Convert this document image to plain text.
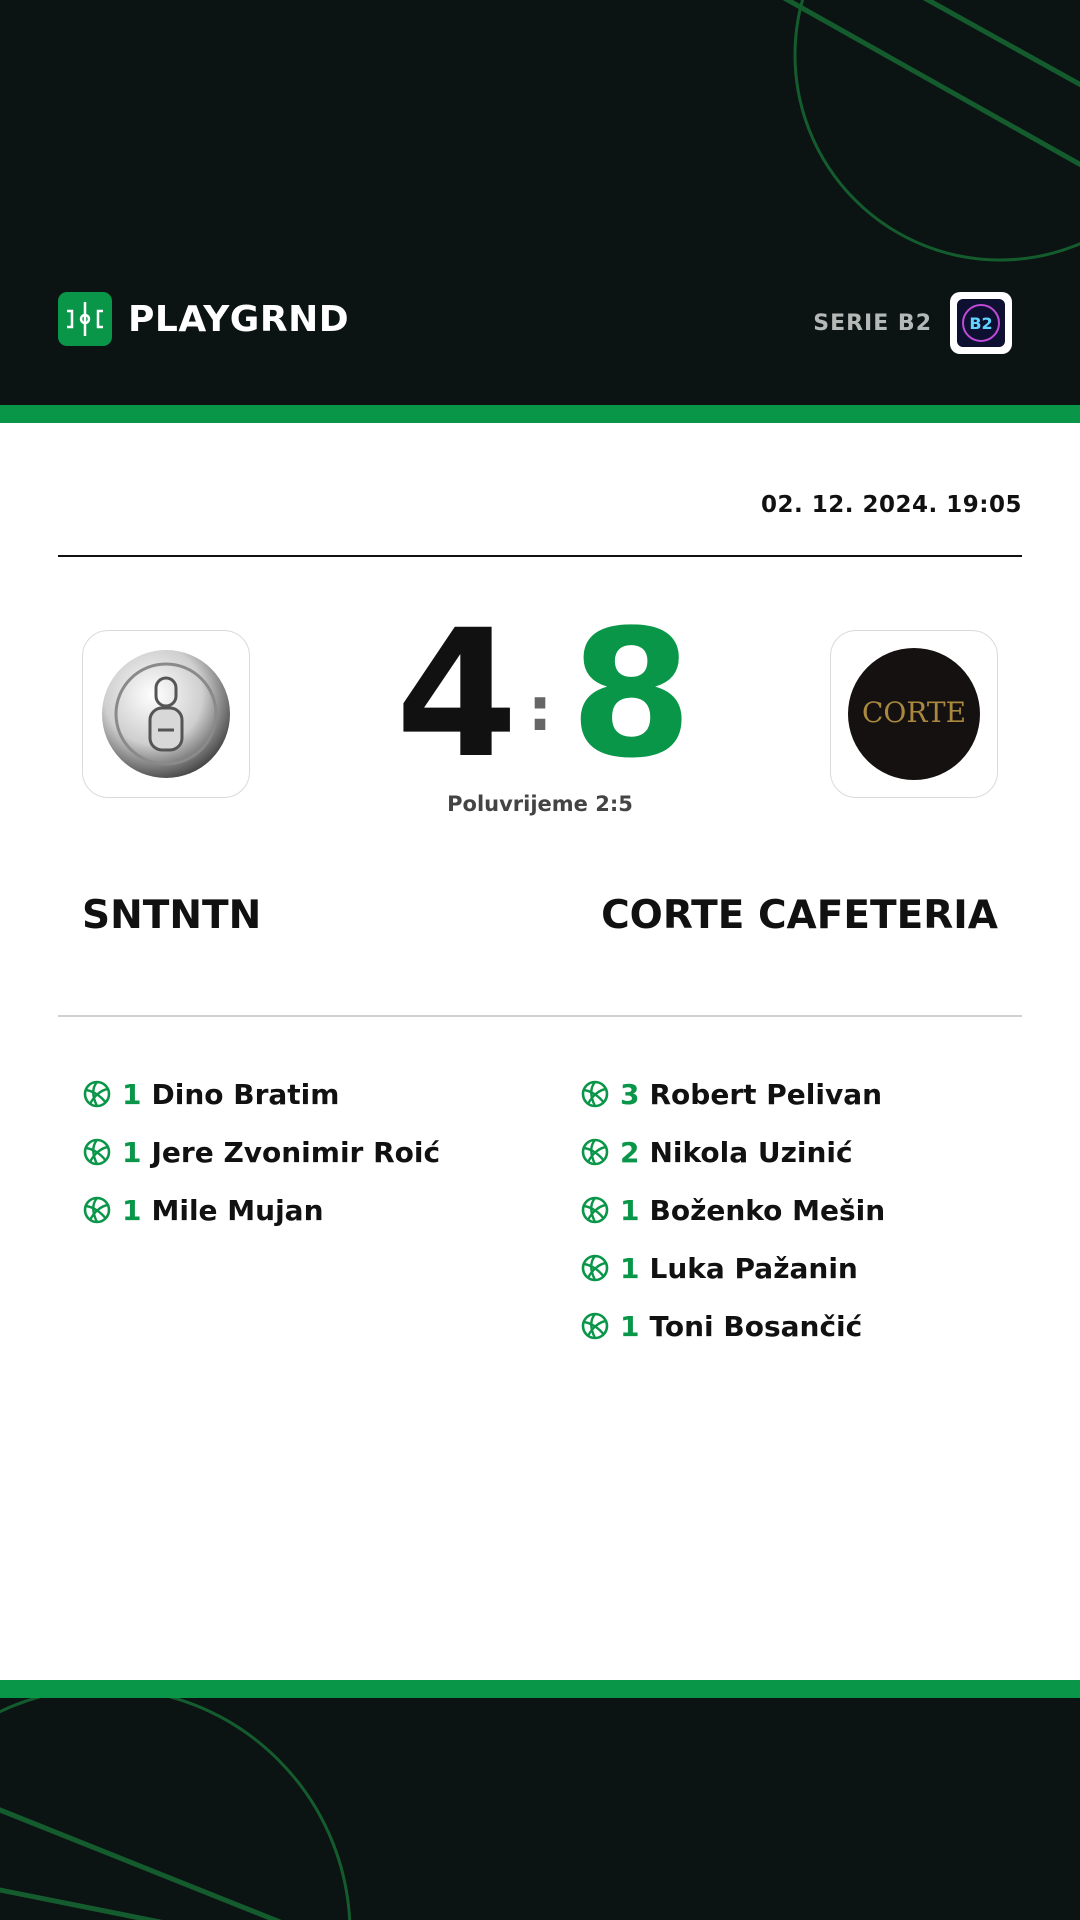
PLAYGRND	SERIE B2 B2
02. 12. 2024. 19:05
CORTE
4 : 8
Poluvrijeme 2:5
SNTNTN	CORTE CAFETERIA
1 Dino Bratim
1 Jere Zvonimir Roić
1 Mile Mujan
3 Robert Pelivan
2 Nikola Uzinić
1 Boženko Mešin
1 Luka Pažanin
1 Toni Bosančić
